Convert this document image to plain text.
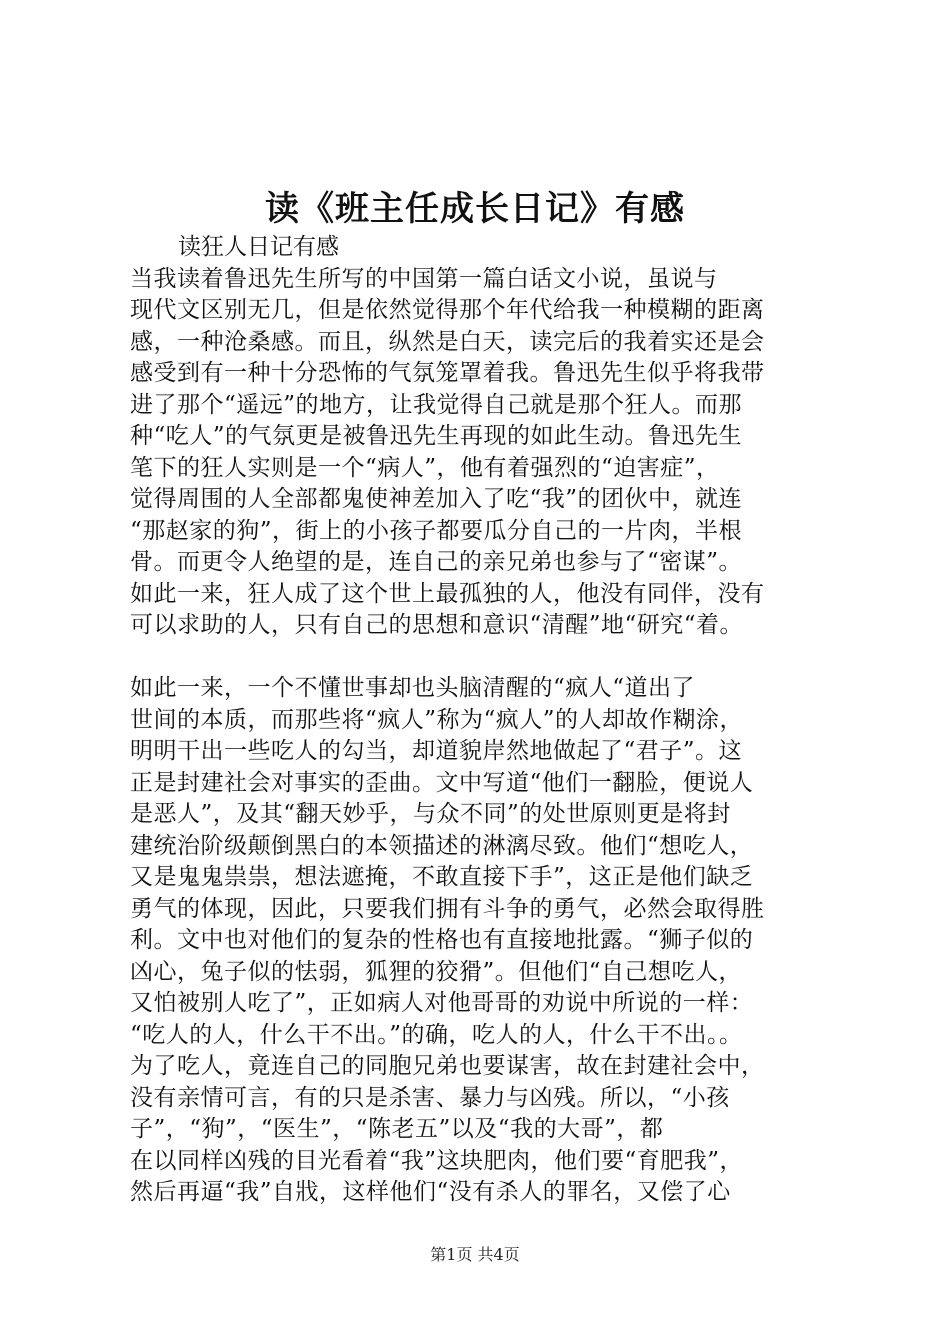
读《班主任成长日记》有感

读狂人日记有感

当我读着鲁迅先生所写的中国第一篇白话文小说，虽说与
现代文区别无几，但是依然觉得那个年代给我一种模糊的距离
感，一种沧桑感。而且，纵然是白天，读完后的我着实还是会
感受到有一种十分恐怖的气氛笼罩着我。鲁迅先生似乎将我带
进了那个“遥远”的地方，让我觉得自己就是那个狂人。而那
种“吃人”的气氛更是被鲁迅先生再现的如此生动。鲁迅先生
笔下的狂人实则是一个“病人”，他有着强烈的“迫害症”，
觉得周围的人全部都鬼使神差加入了吃“我”的团伙中，就连
“那赵家的狗”，街上的小孩子都要瓜分自己的一片肉，半根
骨。而更令人绝望的是，连自己的亲兄弟也参与了“密谋”。
如此一来，狂人成了这个世上最孤独的人，他没有同伴，没有
可以求助的人，只有自己的思想和意识“清醒”地“研究“着。

如此一来，一个不懂世事却也头脑清醒的“疯人“道出了
世间的本质，而那些将“疯人”称为“疯人”的人却故作糊涂，
明明干出一些吃人的勾当，却道貌岸然地做起了“君子”。这
正是封建社会对事实的歪曲。文中写道“他们一翻脸，便说人
是恶人”，及其“翻天妙乎，与众不同”的处世原则更是将封
建统治阶级颠倒黑白的本领描述的淋漓尽致。他们“想吃人，
又是鬼鬼祟祟，想法遮掩，不敢直接下手”，这正是他们缺乏
勇气的体现，因此，只要我们拥有斗争的勇气，必然会取得胜
利。文中也对他们的复杂的性格也有直接地批露。“狮子似的
凶心，兔子似的怯弱，狐狸的狡猾”。但他们“自己想吃人，
又怕被别人吃了”，正如病人对他哥哥的劝说中所说的一样：
“吃人的人，什么干不出。”的确，吃人的人，什么干不出。。
为了吃人，竟连自己的同胞兄弟也要谋害，故在封建社会中，
没有亲情可言，有的只是杀害、暴力与凶残。所以，“小孩
子”，“狗”，“医生”，“陈老五”以及“我的大哥”，都
在以同样凶残的目光看着“我”这块肥肉，他们要“育肥我”，
然后再逼“我”自戕，这样他们“没有杀人的罪名，又偿了心

第1页 共4页
